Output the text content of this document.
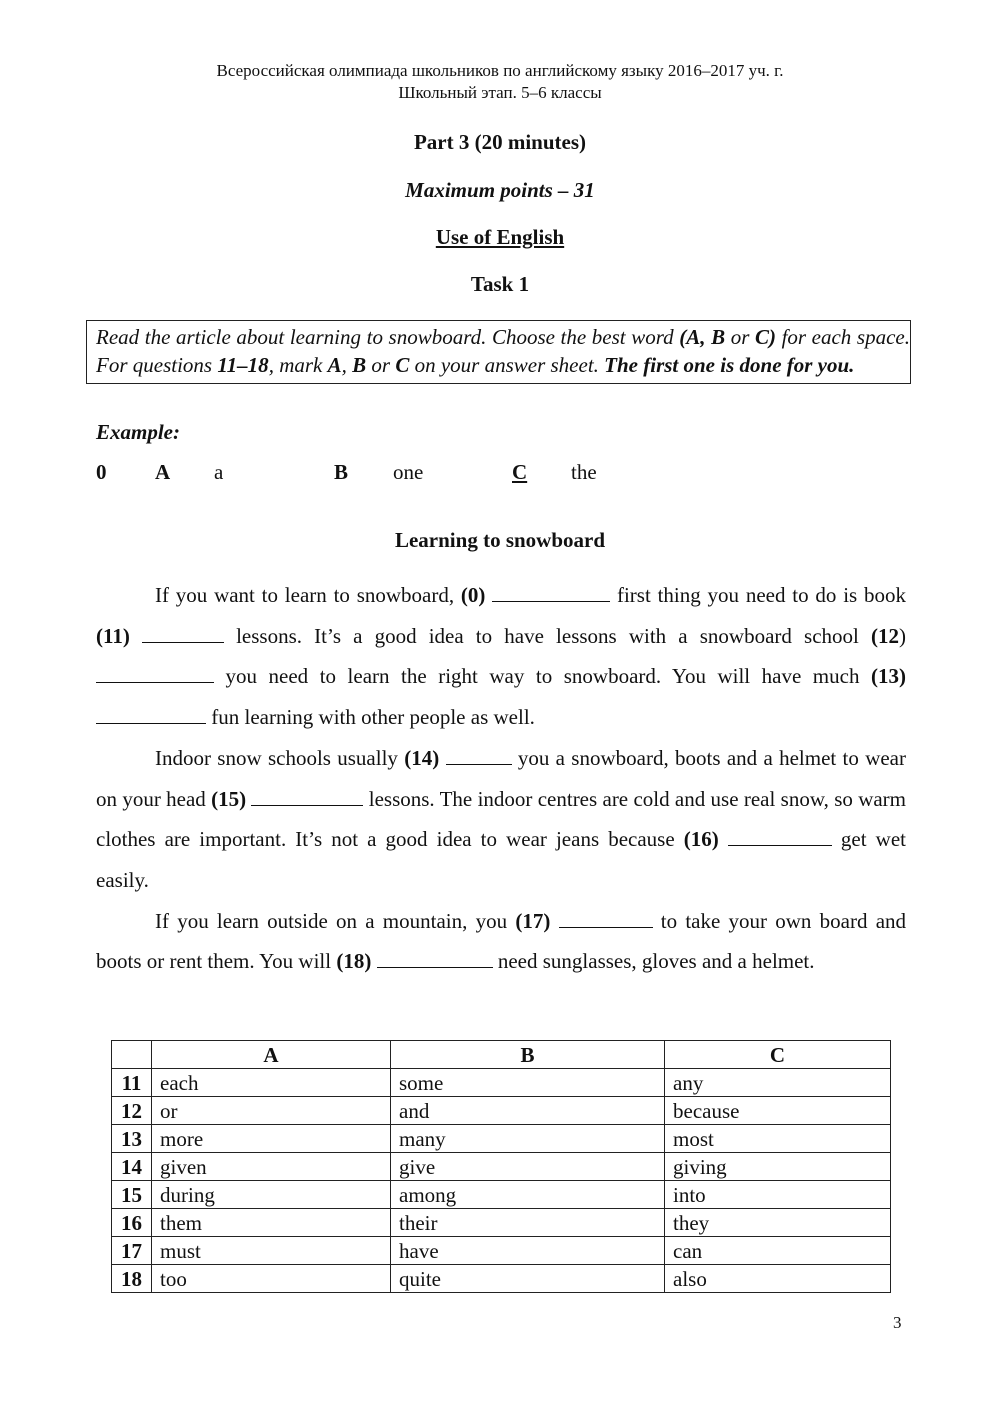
Всероссийская олимпиада школьников по английскому языку 2016–2017 уч. г.
Школьный этап. 5–6 классы
Part 3 (20 minutes)
Maximum points – 31
Use of English
Task 1
Read the article about learning to snowboard. Choose the best word (A, B or C) for each space. For questions 11–18, mark A, B or C on your answer sheet. The first one is done for you.
Example:
0 A a	B one	C the
Learning to snowboard

If you want to learn to snowboard, (0)	first thing you need to do is book (11)	lessons. It’s a good idea to have lessons with a snowboard school (12)  you need to learn the right way to snowboard. You will have much (13)  fun learning with other people as well.

Indoor snow schools usually (14)	you a snowboard, boots and a helmet to wear on your head (15)	lessons. The indoor centres are cold and use real snow, so warm clothes are important. It’s not a good idea to wear jeans because (16)	get wet easily.

If you learn outside on a mountain, you (17)	to take your own board and boots or rent them. You will (18)	need sunglasses, gloves and a helmet.

	A	B	C
11	each	some	any
12	or	and	because
13	more	many	most
14	given	give	giving
15	during	among	into
16	them	their	they
17	must	have	can
18	too	quite	also
3
